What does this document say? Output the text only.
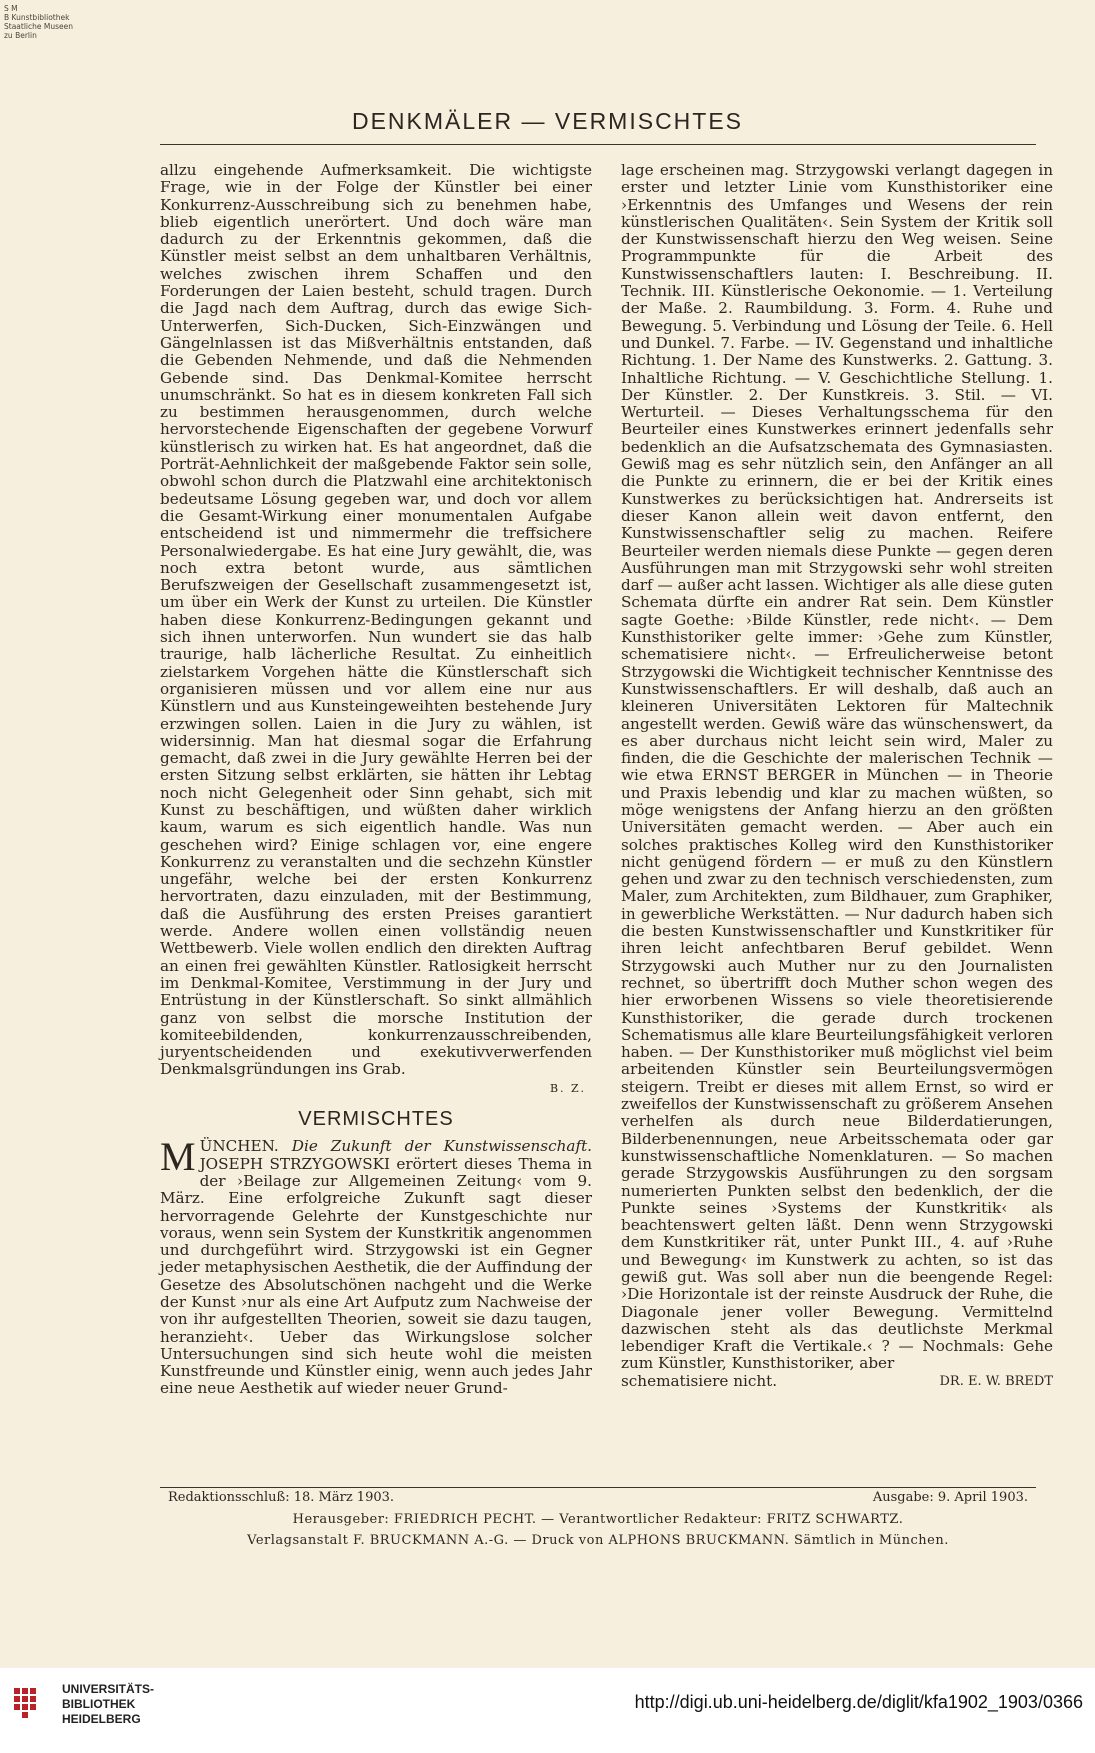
S M
B Kunstbibliothek
Staatliche Museen
zu Berlin
DENKMÄLER — VERMISCHTES

allzu eingehende Aufmerksamkeit. Die wichtigste Frage, wie in der Folge der Künstler bei einer Konkurrenz-Ausschreibung sich zu benehmen habe, blieb eigentlich unerörtert. Und doch wäre man dadurch zu der Erkenntnis gekommen, daß die Künstler meist selbst an dem unhaltbaren Verhältnis, welches zwischen ihrem Schaffen und den Forderungen der Laien besteht, schuld tragen. Durch die Jagd nach dem Auftrag, durch das ewige Sich-Unterwerfen, Sich-Ducken, Sich-Einzwängen und Gängelnlassen ist das Mißverhältnis entstanden, daß die Gebenden Nehmende, und daß die Nehmenden Gebende sind. Das Denkmal-Komitee herrscht unumschränkt. So hat es in diesem konkreten Fall sich zu bestimmen herausgenommen, durch welche hervorstechende Eigenschaften der gegebene Vorwurf künstlerisch zu wirken hat. Es hat angeordnet, daß die Porträt-Aehnlichkeit der maßgebende Faktor sein solle, obwohl schon durch die Platzwahl eine architektonisch bedeutsame Lösung gegeben war, und doch vor allem die Gesamt-Wirkung einer monumentalen Aufgabe entscheidend ist und nimmermehr die treffsichere Personalwiedergabe. Es hat eine Jury gewählt, die, was noch extra betont wurde, aus sämtlichen Berufszweigen der Gesellschaft zusammengesetzt ist, um über ein Werk der Kunst zu urteilen. Die Künstler haben diese Konkurrenz-Bedingungen gekannt und sich ihnen unterworfen. Nun wundert sie das halb traurige, halb lächerliche Resultat. Zu einheitlich zielstarkem Vorgehen hätte die Künstlerschaft sich organisieren müssen und vor allem eine nur aus Künstlern und aus Kunsteingeweihten bestehende Jury erzwingen sollen. Laien in die Jury zu wählen, ist widersinnig. Man hat diesmal sogar die Erfahrung gemacht, daß zwei in die Jury gewählte Herren bei der ersten Sitzung selbst erklärten, sie hätten ihr Lebtag noch nicht Gelegenheit oder Sinn gehabt, sich mit Kunst zu beschäftigen, und wüßten daher wirklich kaum, warum es sich eigentlich handle. Was nun geschehen wird? Einige schlagen vor, eine engere Konkurrenz zu veranstalten und die sechzehn Künstler ungefähr, welche bei der ersten Konkurrenz hervortraten, dazu einzuladen, mit der Bestimmung, daß die Ausführung des ersten Preises garantiert werde. Andere wollen einen vollständig neuen Wettbewerb. Viele wollen endlich den direkten Auftrag an einen frei gewählten Künstler. Ratlosigkeit herrscht im Denkmal-Komitee, Verstimmung in der Jury und Entrüstung in der Künstlerschaft. So sinkt allmählich ganz von selbst die morsche Institution der komiteebildenden, konkurrenzausschreibenden, juryentscheidenden und exekutivverwerfenden Denkmalsgründungen ins Grab.

B. Z.
VERMISCHTES

MÜNCHEN. Die Zukunft der Kunstwissenschaft. JOSEPH STRZYGOWSKI erörtert dieses Thema in der ›Beilage zur Allgemeinen Zeitung‹ vom 9. März. Eine erfolgreiche Zukunft sagt dieser hervorragende Gelehrte der Kunstgeschichte nur voraus, wenn sein System der Kunstkritik angenommen und durchgeführt wird. Strzygowski ist ein Gegner jeder metaphysischen Aesthetik, die der Auffindung der Gesetze des Absolutschönen nachgeht und die Werke der Kunst ›nur als eine Art Aufputz zum Nachweise der von ihr aufgestellten Theorien, soweit sie dazu taugen, heranzieht‹. Ueber das Wirkungslose solcher Untersuchungen sind sich heute wohl die meisten Kunstfreunde und Künstler einig, wenn auch jedes Jahr eine neue Aesthetik auf wieder neuer Grund-

lage erscheinen mag. Strzygowski verlangt dagegen in erster und letzter Linie vom Kunsthistoriker eine ›Erkenntnis des Umfanges und Wesens der rein künstlerischen Qualitäten‹. Sein System der Kritik soll der Kunstwissenschaft hierzu den Weg weisen. Seine Programmpunkte für die Arbeit des Kunstwissenschaftlers lauten: I. Beschreibung. II. Technik. III. Künstlerische Oekonomie. — 1. Verteilung der Maße. 2. Raumbildung. 3. Form. 4. Ruhe und Bewegung. 5. Verbindung und Lösung der Teile. 6. Hell und Dunkel. 7. Farbe. — IV. Gegenstand und inhaltliche Richtung. 1. Der Name des Kunstwerks. 2. Gattung. 3. Inhaltliche Richtung. — V. Geschichtliche Stellung. 1. Der Künstler. 2. Der Kunstkreis. 3. Stil. — VI. Werturteil. — Dieses Verhaltungsschema für den Beurteiler eines Kunstwerkes erinnert jedenfalls sehr bedenklich an die Aufsatzschemata des Gymnasiasten. Gewiß mag es sehr nützlich sein, den Anfänger an all die Punkte zu erinnern, die er bei der Kritik eines Kunstwerkes zu berücksichtigen hat. Andrerseits ist dieser Kanon allein weit davon entfernt, den Kunstwissenschaftler selig zu machen. Reifere Beurteiler werden niemals diese Punkte — gegen deren Ausführungen man mit Strzygowski sehr wohl streiten darf — außer acht lassen. Wichtiger als alle diese guten Schemata dürfte ein andrer Rat sein. Dem Künstler sagte Goethe: ›Bilde Künstler, rede nicht‹. — Dem Kunsthistoriker gelte immer: ›Gehe zum Künstler, schematisiere nicht‹. — Erfreulicherweise betont Strzygowski die Wichtigkeit technischer Kenntnisse des Kunstwissenschaftlers. Er will deshalb, daß auch an kleineren Universitäten Lektoren für Maltechnik angestellt werden. Gewiß wäre das wünschenswert, da es aber durchaus nicht leicht sein wird, Maler zu finden, die die Geschichte der malerischen Technik — wie etwa ERNST BERGER in München — in Theorie und Praxis lebendig und klar zu machen wüßten, so möge wenigstens der Anfang hierzu an den größten Universitäten gemacht werden. — Aber auch ein solches praktisches Kolleg wird den Kunsthistoriker nicht genügend fördern — er muß zu den Künstlern gehen und zwar zu den technisch verschiedensten, zum Maler, zum Architekten, zum Bildhauer, zum Graphiker, in gewerbliche Werkstätten. — Nur dadurch haben sich die besten Kunstwissenschaftler und Kunstkritiker für ihren leicht anfechtbaren Beruf gebildet. Wenn Strzygowski auch Muther nur zu den Journalisten rechnet, so übertrifft doch Muther schon wegen des hier erworbenen Wissens so viele theoretisierende Kunsthistoriker, die gerade durch trockenen Schematismus alle klare Beurteilungsfähigkeit verloren haben. — Der Kunsthistoriker muß möglichst viel beim arbeitenden Künstler sein Beurteilungsvermögen steigern. Treibt er dieses mit allem Ernst, so wird er zweifellos der Kunstwissenschaft zu größerem Ansehen verhelfen als durch neue Bilderdatierungen, Bilderbenennungen, neue Arbeitsschemata oder gar kunstwissenschaftliche Nomenklaturen. — So machen gerade Strzygowskis Ausführungen zu den sorgsam numerierten Punkten selbst den bedenklich, der die Punkte seines ›Systems der Kunstkritik‹ als beachtenswert gelten läßt. Denn wenn Strzygowski dem Kunstkritiker rät, unter Punkt III., 4. auf ›Ruhe und Bewegung‹ im Kunstwerk zu achten, so ist das gewiß gut. Was soll aber nun die beengende Regel: ›Die Horizontale ist der reinste Ausdruck der Ruhe, die Diagonale jener voller Bewegung. Vermittelnd dazwischen steht als das deutlichste Merkmal lebendiger Kraft die Vertikale.‹ ? — Nochmals: Gehe zum Künstler, Kunsthistoriker, aber

schematisiere nicht.	DR. E. W. BREDT
Redaktionsschluß: 18. März 1903.	Ausgabe: 9. April 1903.
Herausgeber: FRIEDRICH PECHT. — Verantwortlicher Redakteur: FRITZ SCHWARTZ.
Verlagsanstalt F. BRUCKMANN A.-G. — Druck von ALPHONS BRUCKMANN. Sämtlich in München.
UNIVERSITÄTS-
BIBLIOTHEK
HEIDELBERG
http://digi.ub.uni-heidelberg.de/diglit/kfa1902_1903/0366
